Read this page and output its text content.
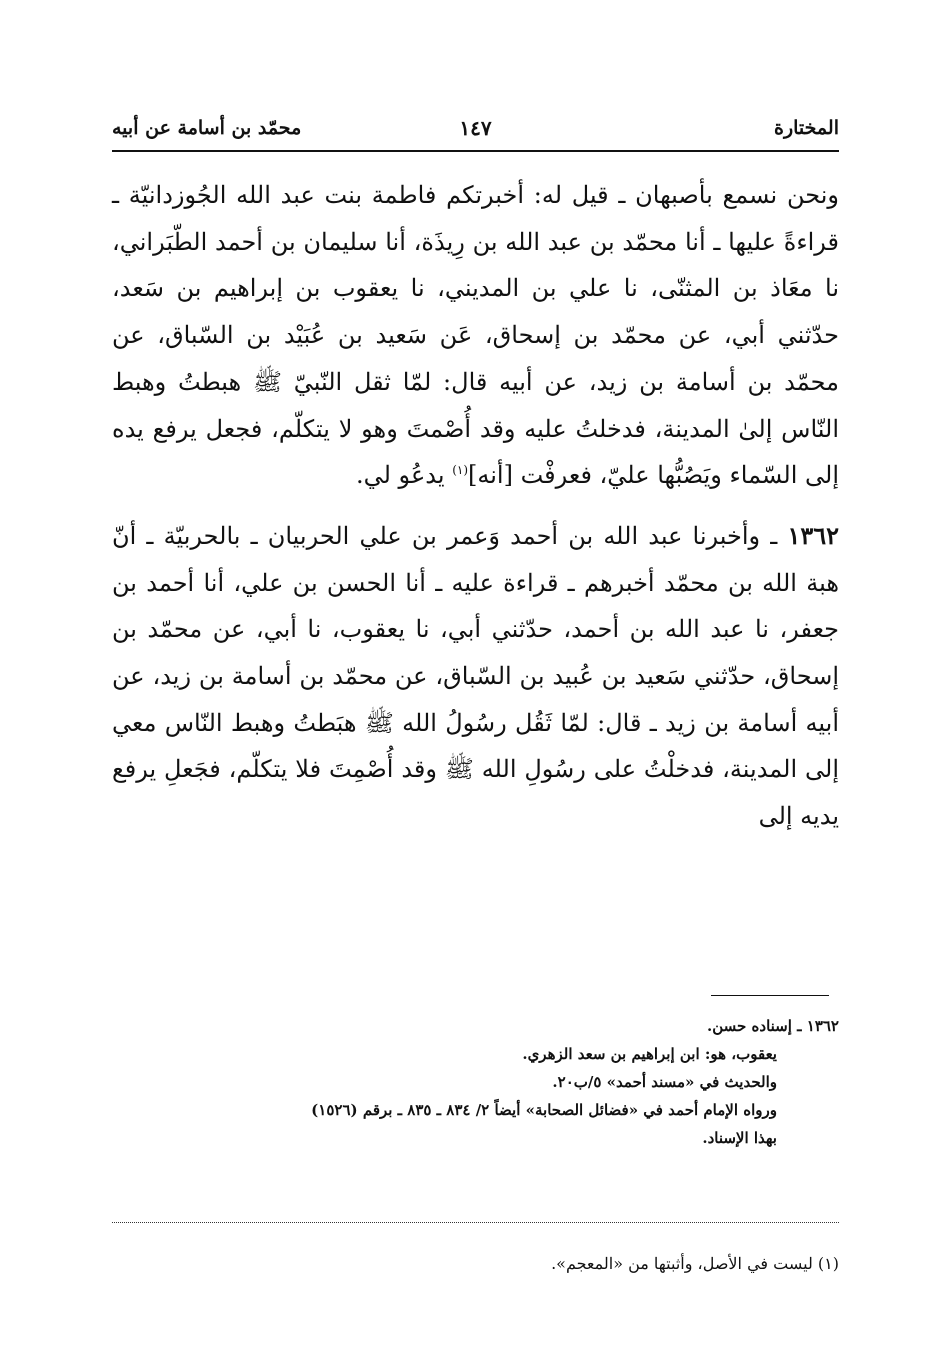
المختارة
١٤٧
محمّد بن أسامة عن أبيه

ونحن نسمع بأصبهان ـ قيل له: أخبرتكم فاطمة بنت عبد الله الجُوزدانيّة ـ قراءةً عليها ـ أنا محمّد بن عبد الله بن رِيذَة، أنا سليمان بن أحمد الطّبَراني، نا معَاذ بن المثنّى، نا علي بن المديني، نا يعقوب بن إبراهيم بن سَعد، حدّثني أبي، عن محمّد بن إسحاق، عَن سَعيد بن عُبَيْد بن السّباق، عن محمّد بن أسامة بن زيد، عن أبيه قال: لمّا ثقل النّبيّ ﷺ هبطتُ وهبط النّاس إلىٰ المدينة، فدخلتُ عليه وقد أُصْمتَ وهو لا يتكلّم، فجعل يرفع يده إلى السّماء ويَصُبُّها عليّ، فعرفْت [أنه]$^{(١)}$ يدعُو لي.

١٣٦٢ ـ وأخبرنا عبد الله بن أحمد وَعمر بن علي الحربيان ـ بالحربيّة ـ أنّ هبة الله بن محمّد أخبرهم ـ قراءة عليه ـ أنا الحسن بن علي، أنا أحمد بن جعفر، نا عبد الله بن أحمد، حدّثني أبي، نا يعقوب، نا أبي، عن محمّد بن إسحاق، حدّثني سَعيد بن عُبيد بن السّباق، عن محمّد بن أسامة بن زيد، عن أبيه أسامة بن زيد ـ قال: لمّا ثَقُل رسُولُ الله ﷺ هبَطتُ وهبط النّاس معي إلى المدينة، فدخلْتُ على رسُولِ الله ﷺ وقد أُصْمِتَ فلا يتكلّم، فجَعلِ يرفع يديه إلى

١٣٦٢ ـ إسناده حسن.
يعقوب، هو: ابن إبراهيم بن سعد الزهري.
والحديث في «مسند أحمد» ٥/ب٢٠.
ورواه الإمام أحمد في «فضائل الصحابة» أيضاً ٢/ ٨٣٤ ـ ٨٣٥ ـ برقم (١٥٢٦)
بهذا الإسناد.
(١) ليست في الأصل، وأثبتها من «المعجم».
